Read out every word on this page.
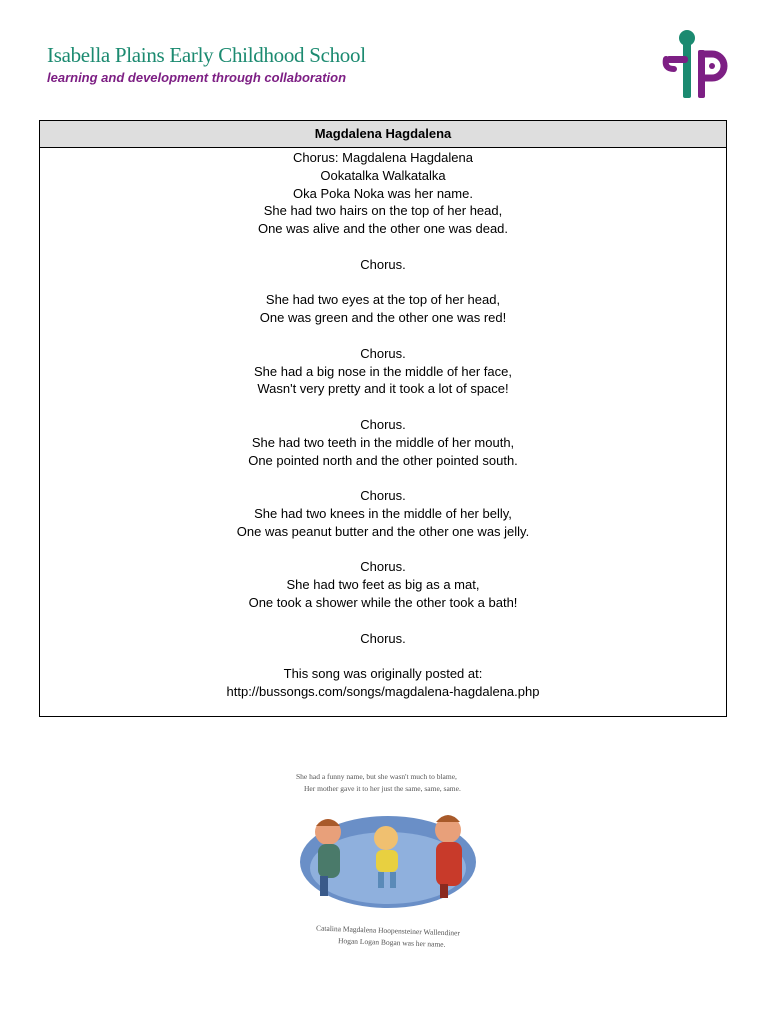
Isabella Plains Early Childhood School
learning and development through collaboration
Magdalena Hagdalena
Chorus: Magdalena Hagdalena
Ookatalka Walkatalka
Oka Poka Noka was her name.
She had two hairs on the top of her head,
One was alive and the other one was dead.
Chorus.
She had two eyes at the top of her head,
One was green and the other one was red!
Chorus.
She had a big nose in the middle of her face,
Wasn't very pretty and it took a lot of space!
Chorus.
She had two teeth in the middle of her mouth,
One pointed north and the other pointed south.
Chorus.
She had two knees in the middle of her belly,
One was peanut butter and the other one was jelly.
Chorus.
She had two feet as big as a mat,
One took a shower while the other took a bath!
Chorus.
This song was originally posted at:
http://bussongs.com/songs/magdalena-hagdalena.php
She had a funny name, but she wasn't much to blame,
Her mother gave it to her just the same, same, same.
Catalina Magdalena Hoopensteiner Wallendiner
Hogan Logan Bogan was her name.
